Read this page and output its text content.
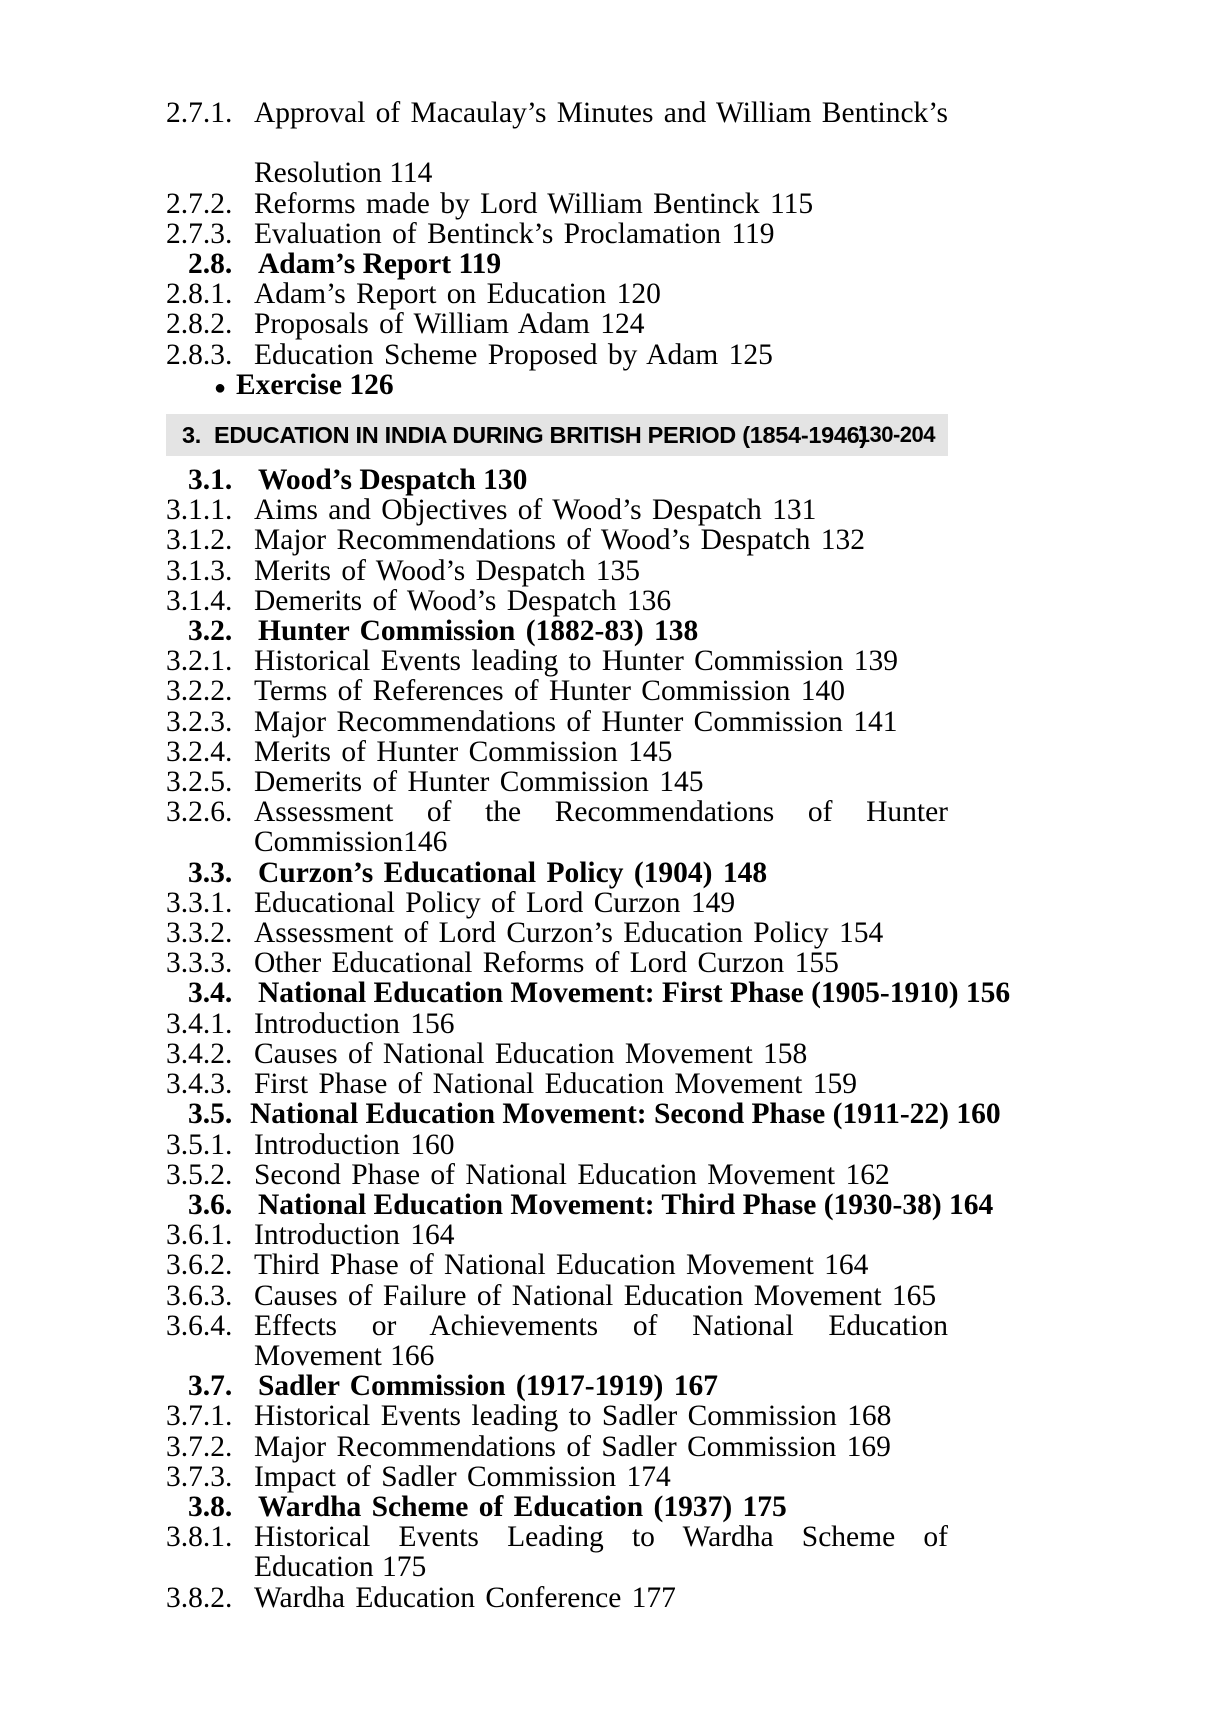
2.7.1. Approval of Macaulay’s Minutes and William Bentinck’s
Resolution 114
2.7.2. Reforms made by Lord William Bentinck 115
2.7.3. Evaluation of Bentinck’s Proclamation 119
2.8. Adam’s Report 119
2.8.1. Adam’s Report on Education 120
2.8.2. Proposals of William Adam 124
2.8.3. Education Scheme Proposed by Adam 125
● Exercise 126
3. EDUCATION IN INDIA DURING BRITISH PERIOD (1854-1946)
130-204
3.1. Wood’s Despatch 130
3.1.1. Aims and Objectives of Wood’s Despatch 131
3.1.2. Major Recommendations of Wood’s Despatch 132
3.1.3. Merits of Wood’s Despatch 135
3.1.4. Demerits of Wood’s Despatch 136
3.2. Hunter Commission (1882-83) 138
3.2.1. Historical Events leading to Hunter Commission 139
3.2.2. Terms of References of Hunter Commission 140
3.2.3. Major Recommendations of Hunter Commission 141
3.2.4. Merits of Hunter Commission 145
3.2.5. Demerits of Hunter Commission 145
3.2.6. Assessment of the Recommendations of Hunter Commission146
3.3. Curzon’s Educational Policy (1904) 148
3.3.1. Educational Policy of Lord Curzon 149
3.3.2. Assessment of Lord Curzon’s Education Policy 154
3.3.3. Other Educational Reforms of Lord Curzon 155
3.4. National Education Movement: First Phase (1905-1910) 156
3.4.1. Introduction 156
3.4.2. Causes of National Education Movement 158
3.4.3. First Phase of National Education Movement 159
3.5. National Education Movement: Second Phase (1911-22) 160
3.5.1. Introduction 160
3.5.2. Second Phase of National Education Movement 162
3.6. National Education Movement: Third Phase (1930-38) 164
3.6.1. Introduction 164
3.6.2. Third Phase of National Education Movement 164
3.6.3. Causes of Failure of National Education Movement 165
3.6.4. Effects or Achievements of National Education Movement 166
3.7. Sadler Commission (1917-1919) 167
3.7.1. Historical Events leading to Sadler Commission 168
3.7.2. Major Recommendations of Sadler Commission 169
3.7.3. Impact of Sadler Commission 174
3.8. Wardha Scheme of Education (1937) 175
3.8.1. Historical Events Leading to Wardha Scheme of Education 175
3.8.2. Wardha Education Conference 177
